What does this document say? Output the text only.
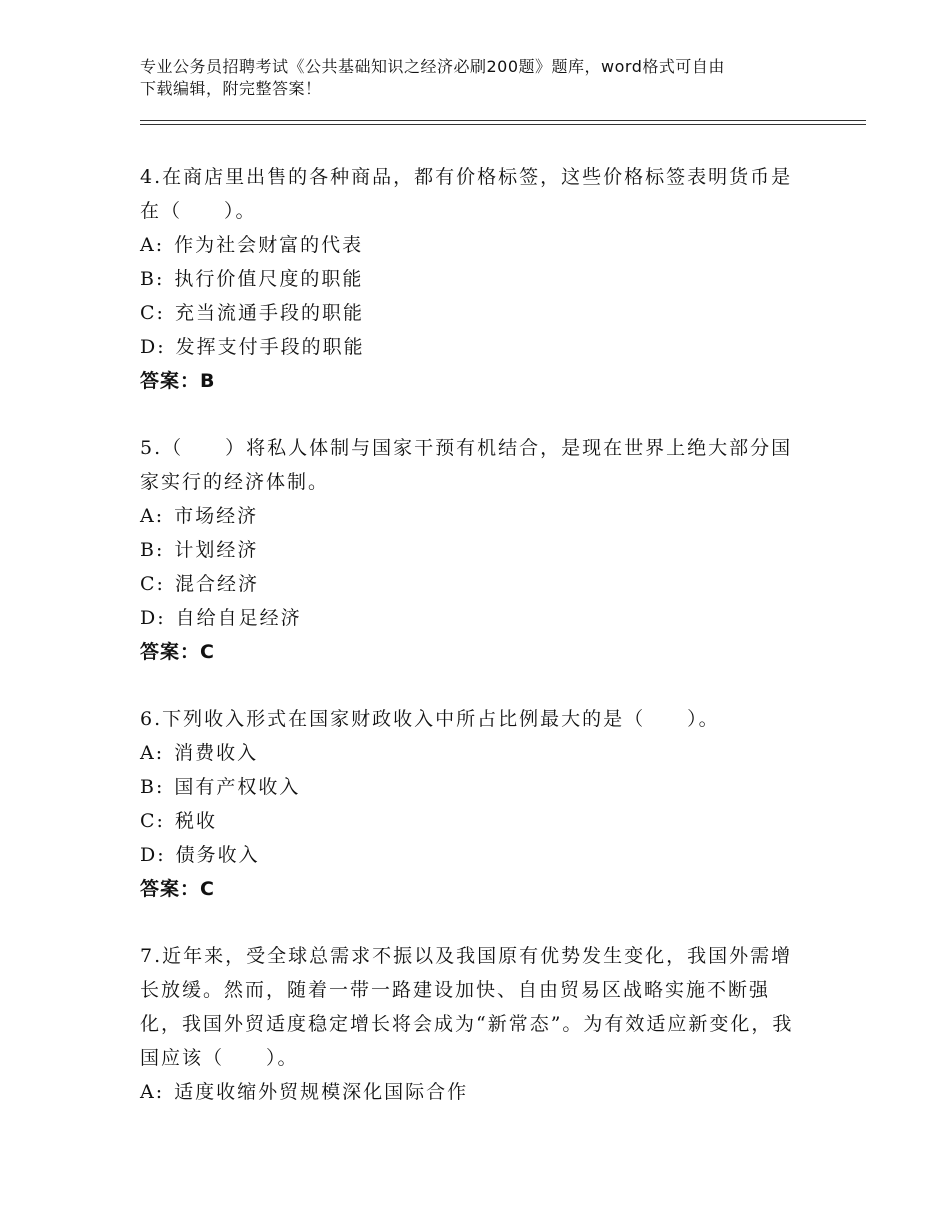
专业公务员招聘考试《公共基础知识之经济必刷200题》题库，word格式可自由
下载编辑，附完整答案！
4.在商店里出售的各种商品，都有价格标签，这些价格标签表明货币是在（　　）。
A: 作为社会财富的代表
B: 执行价值尺度的职能
C: 充当流通手段的职能
D: 发挥支付手段的职能
答案：B
5.（　　）将私人体制与国家干预有机结合，是现在世界上绝大部分国家实行的经济体制。
A: 市场经济
B: 计划经济
C: 混合经济
D: 自给自足经济
答案：C
6.下列收入形式在国家财政收入中所占比例最大的是（　　）。
A: 消费收入
B: 国有产权收入
C: 税收
D: 债务收入
答案：C
7.近年来，受全球总需求不振以及我国原有优势发生变化，我国外需增长放缓。然而，随着一带一路建设加快、自由贸易区战略实施不断强化，我国外贸适度稳定增长将会成为“新常态”。为有效适应新变化，我国应该（　　）。
A: 适度收缩外贸规模深化国际合作
